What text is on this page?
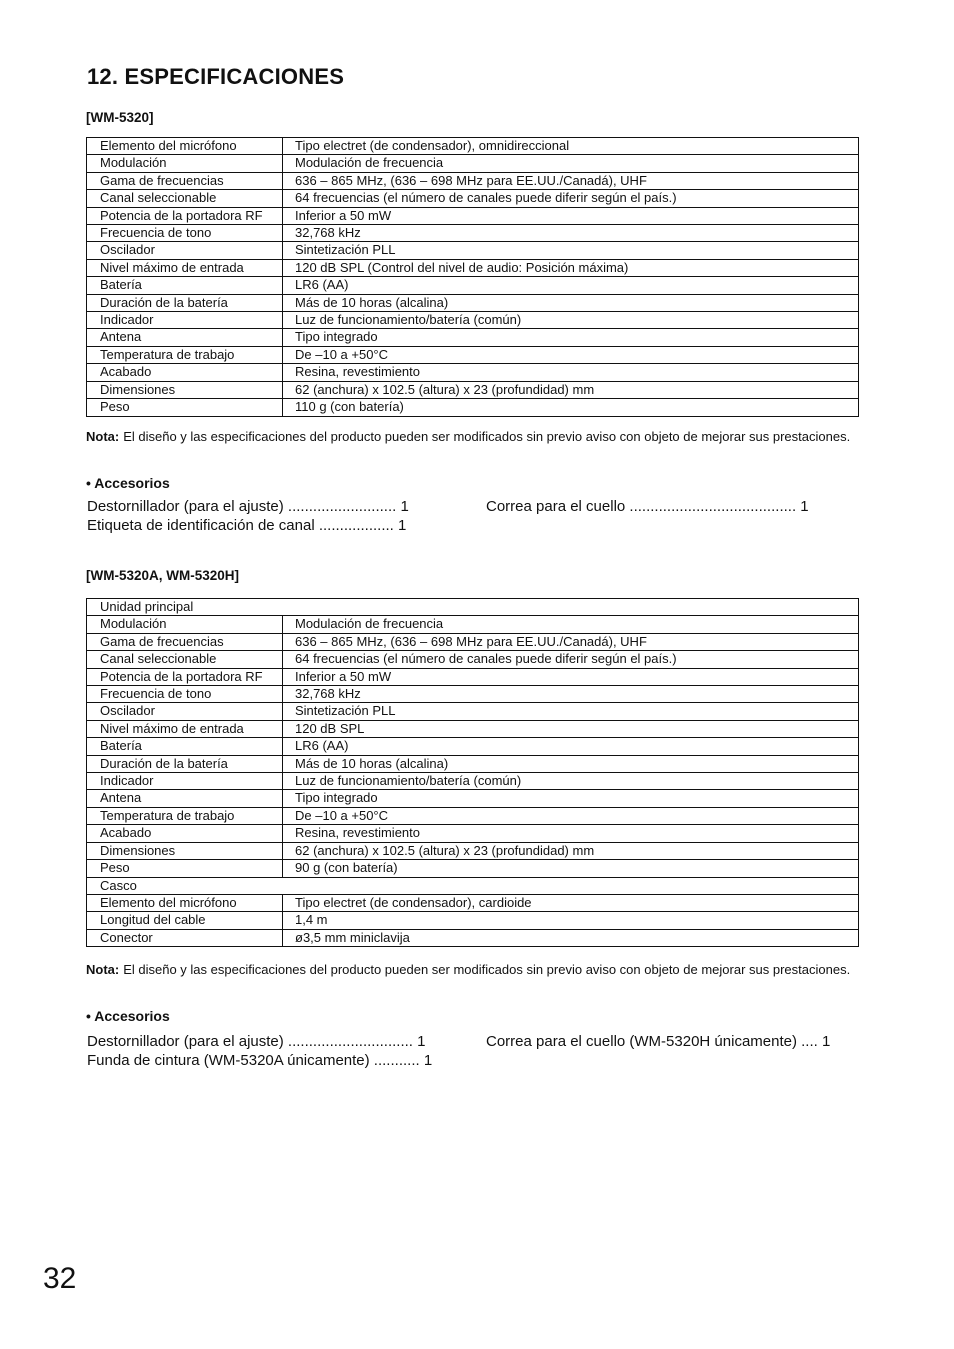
12. ESPECIFICACIONES
[WM-5320]
Elemento del micrófono	Tipo electret (de condensador), omnidireccional
Modulación	Modulación de frecuencia
Gama de frecuencias	636 – 865 MHz, (636 – 698 MHz para EE.UU./Canadá), UHF
Canal seleccionable	64 frecuencias (el número de canales puede diferir según el país.)
Potencia de la portadora RF	Inferior a 50 mW
Frecuencia de tono	32,768 kHz
Oscilador	Sintetización PLL
Nivel máximo de entrada	120 dB SPL (Control del nivel de audio: Posición máxima)
Batería	LR6 (AA)
Duración de la batería	Más de 10 horas (alcalina)
Indicador	Luz de funcionamiento/batería (común)
Antena	Tipo integrado
Temperatura de trabajo	De –10 a +50°C
Acabado	Resina, revestimiento
Dimensiones	62 (anchura) x 102.5 (altura) x 23 (profundidad) mm
Peso	110 g (con batería)
Nota: El diseño y las especificaciones del producto pueden ser modificados sin previo aviso con objeto de mejorar sus prestaciones.
• Accesorios
Destornillador (para el ajuste) .......................... 1
Etiqueta de identificación de canal .................. 1
Correa para el cuello ........................................ 1
[WM-5320A, WM-5320H]
Unidad principal	
Modulación	Modulación de frecuencia
Gama de frecuencias	636 – 865 MHz, (636 – 698 MHz para EE.UU./Canadá), UHF
Canal seleccionable	64 frecuencias (el número de canales puede diferir según el país.)
Potencia de la portadora RF	Inferior a 50 mW
Frecuencia de tono	32,768 kHz
Oscilador	Sintetización PLL
Nivel máximo de entrada	120 dB SPL
Batería	LR6 (AA)
Duración de la batería	Más de 10 horas (alcalina)
Indicador	Luz de funcionamiento/batería (común)
Antena	Tipo integrado
Temperatura de trabajo	De –10 a +50°C
Acabado	Resina, revestimiento
Dimensiones	62 (anchura) x 102.5 (altura) x 23 (profundidad) mm
Peso	90 g (con batería)
Casco	
Elemento del micrófono	Tipo electret (de condensador), cardioide
Longitud del cable	1,4 m
Conector	ø3,5 mm miniclavija
Nota: El diseño y las especificaciones del producto pueden ser modificados sin previo aviso con objeto de mejorar sus prestaciones.
• Accesorios
Destornillador (para el ajuste) .............................. 1
Funda de cintura (WM-5320A únicamente) ........... 1
Correa para el cuello (WM-5320H únicamente) .... 1
32
